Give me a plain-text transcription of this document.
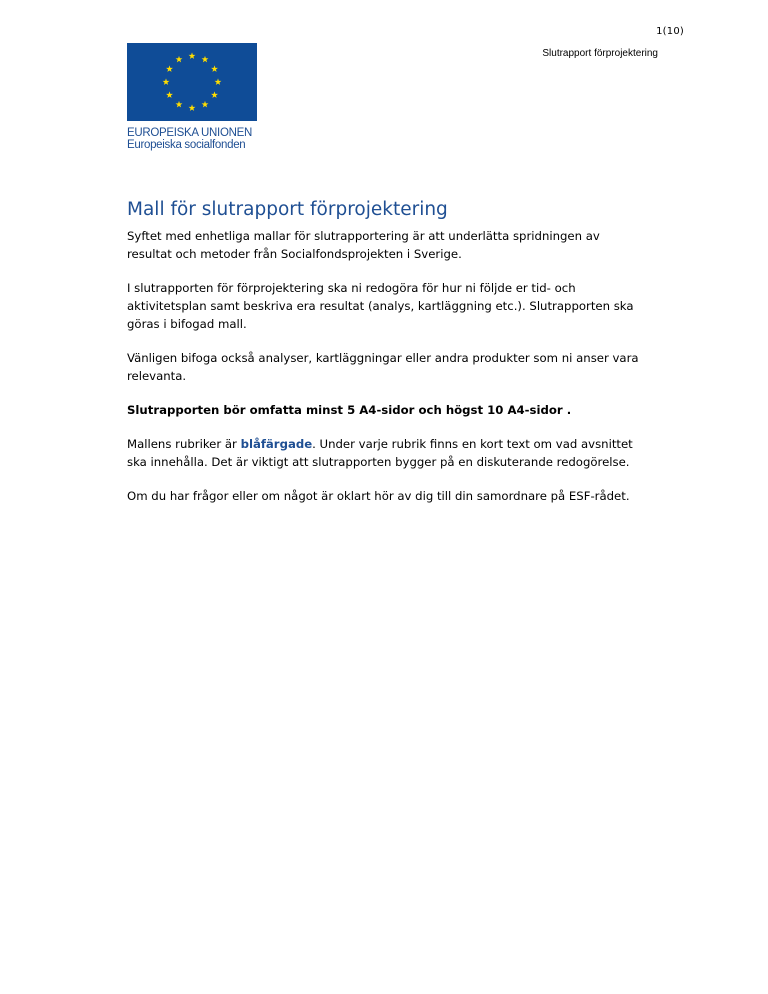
1(10)
Slutrapport förprojektering
EUROPEISKA UNIONEN
Europeiska socialfonden
Mall för slutrapport förprojektering

Syftet med enhetliga mallar för slutrapportering är att underlätta spridningen av resultat och metoder från Socialfondsprojekten i Sverige.

I slutrapporten för förprojektering ska ni redogöra för hur ni följde er tid- och aktivitetsplan samt beskriva era resultat (analys, kartläggning etc.). Slutrapporten ska göras i bifogad mall.

Vänligen bifoga också analyser, kartläggningar eller andra produkter som ni anser vara relevanta.

Slutrapporten bör omfatta minst 5 A4-sidor och högst 10 A4-sidor .

Mallens rubriker är blåfärgade. Under varje rubrik finns en kort text om vad avsnittet ska innehålla. Det är viktigt att slutrapporten bygger på en diskuterande redogörelse.

Om du har frågor eller om något är oklart hör av dig till din samordnare på ESF-rådet.
